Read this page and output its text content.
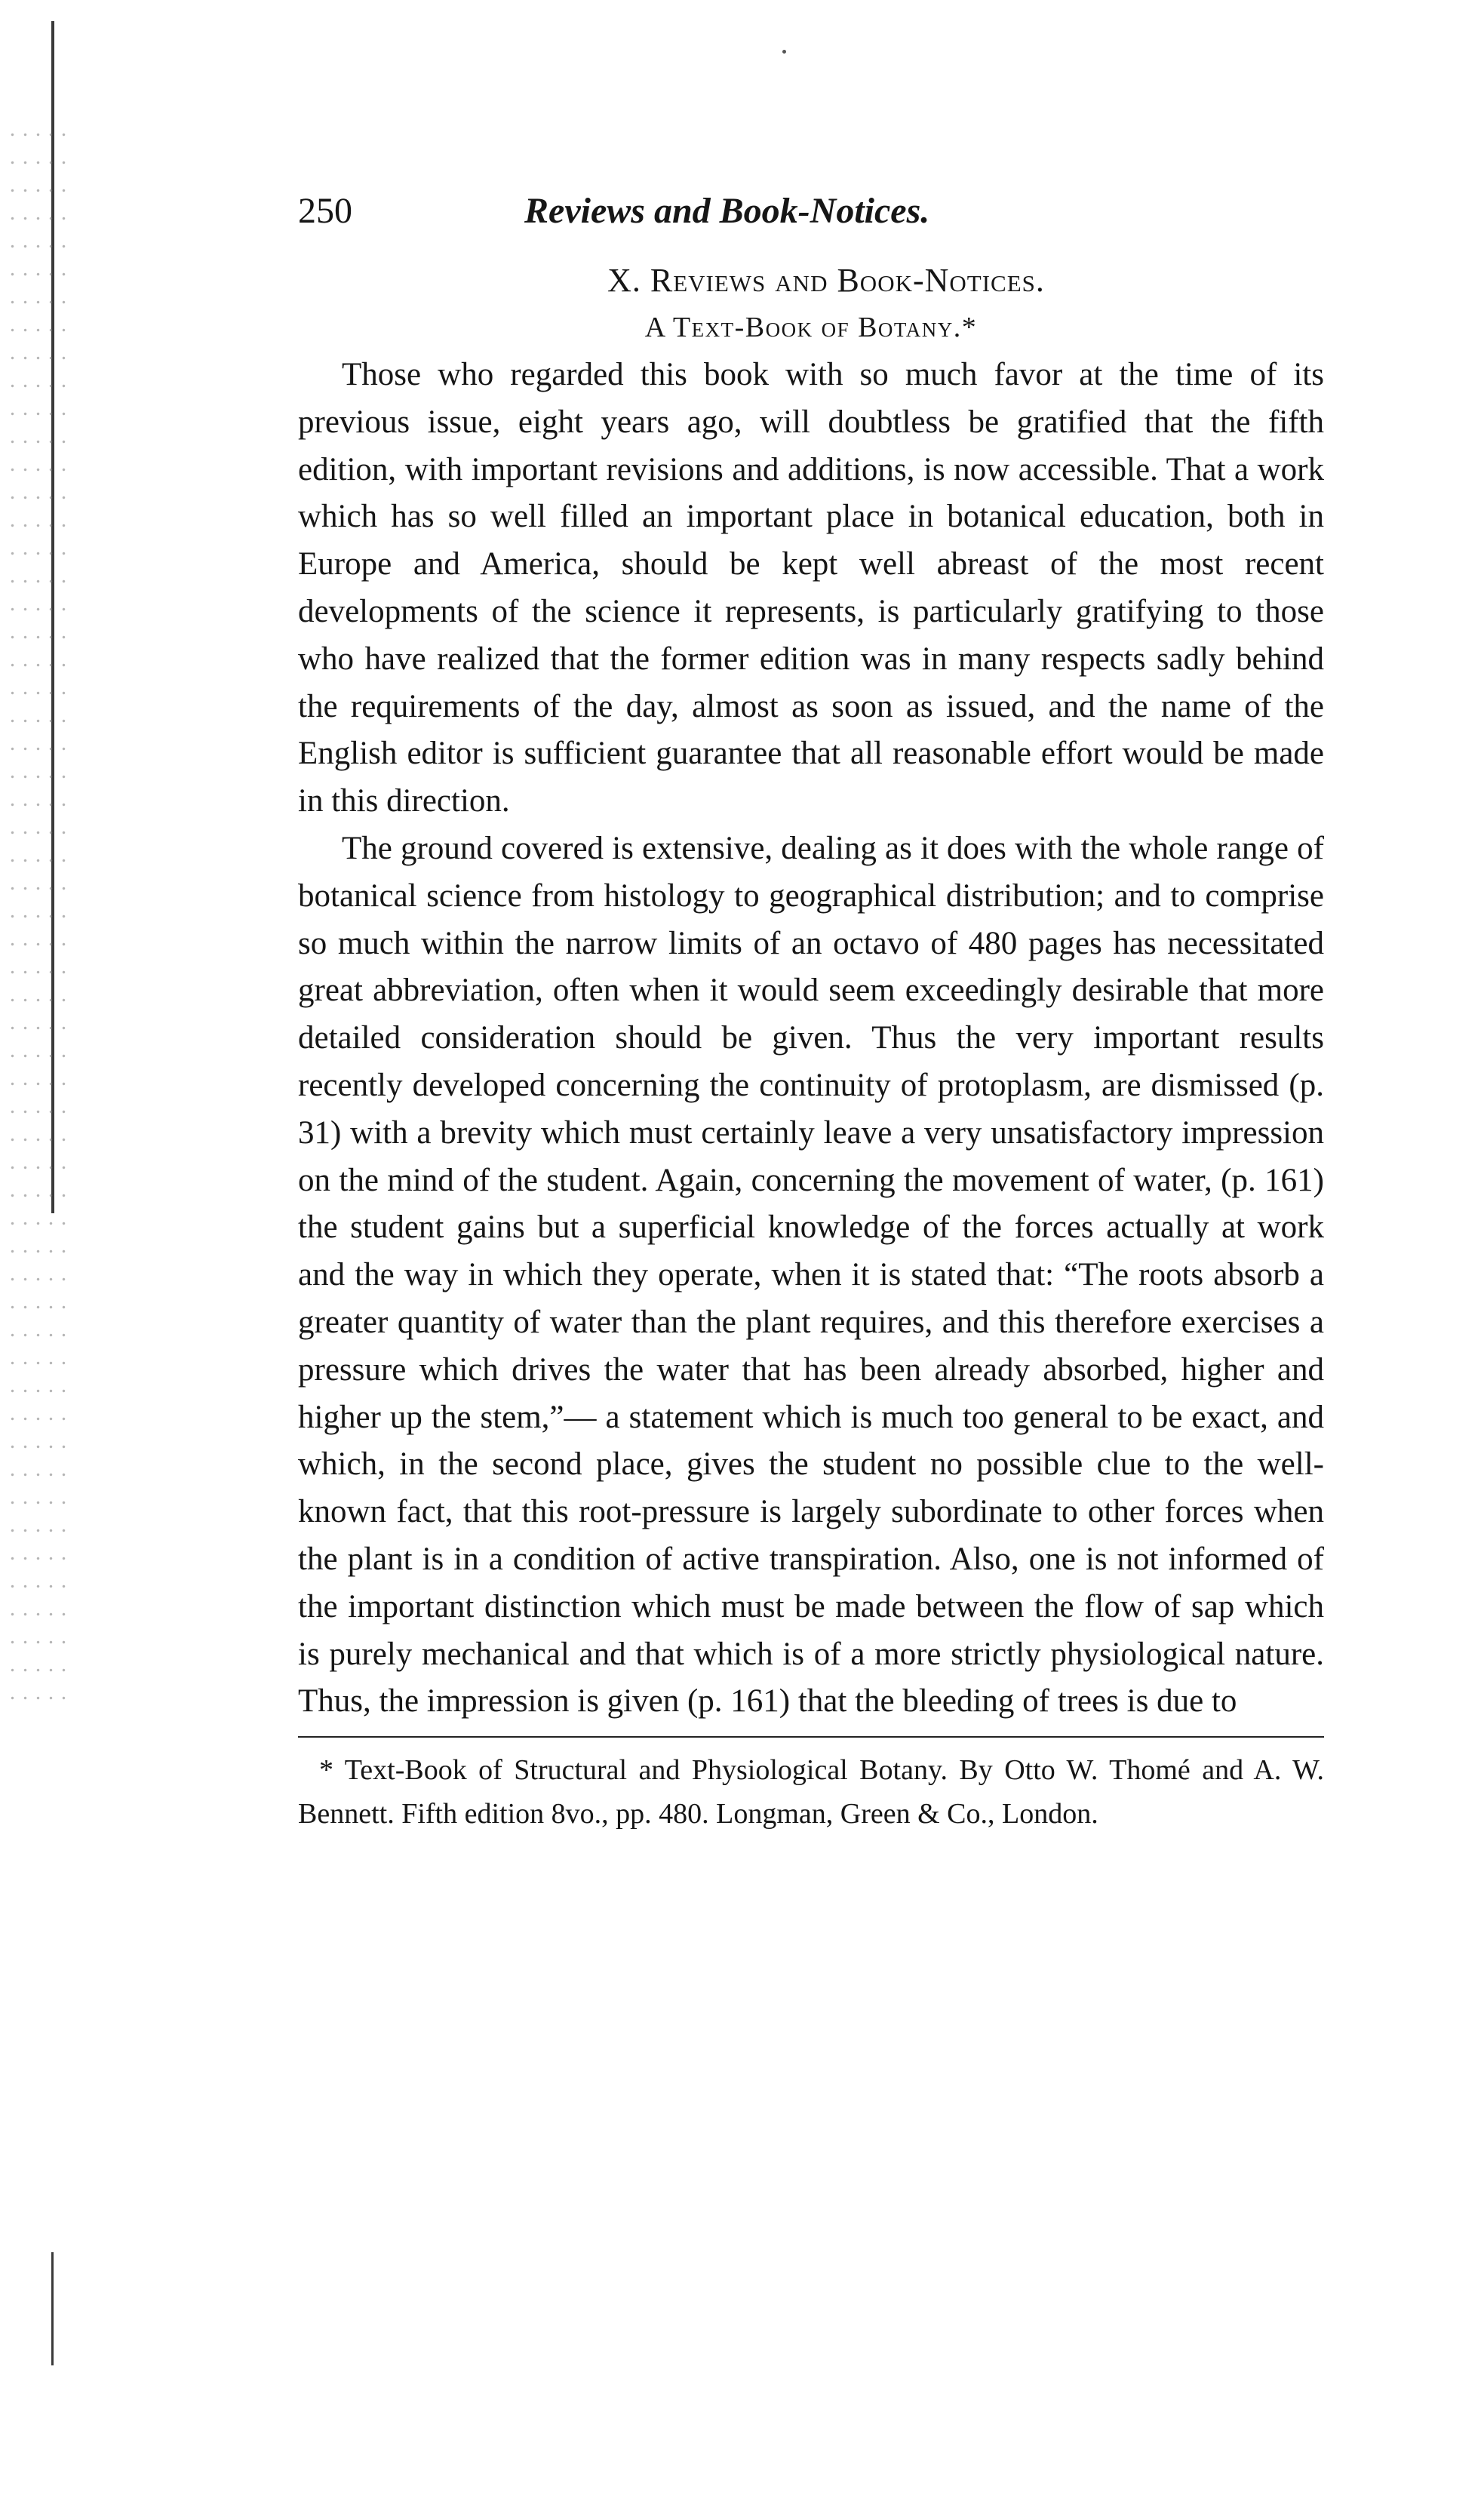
250	Reviews and Book-Notices.
X. Reviews and Book-Notices.
A Text-Book of Botany.*

Those who regarded this book with so much favor at the time of its previous issue, eight years ago, will doubtless be gratified that the fifth edition, with important revisions and additions, is now accessible. That a work which has so well filled an important place in botanical education, both in Europe and America, should be kept well abreast of the most recent developments of the science it represents, is particularly gratifying to those who have realized that the former edition was in many respects sadly behind the requirements of the day, almost as soon as issued, and the name of the English editor is sufficient guarantee that all reasonable effort would be made in this direction.

The ground covered is extensive, dealing as it does with the whole range of botanical science from histology to geographical distribution; and to comprise so much within the narrow limits of an octavo of 480 pages has necessitated great abbreviation, often when it would seem exceedingly desirable that more detailed consideration should be given. Thus the very important results recently developed concerning the continuity of protoplasm, are dismissed (p. 31) with a brevity which must certainly leave a very unsatisfactory impression on the mind of the student. Again, concerning the movement of water, (p. 161) the student gains but a superficial knowledge of the forces actually at work and the way in which they operate, when it is stated that: “The roots absorb a greater quantity of water than the plant requires, and this therefore exercises a pressure which drives the water that has been already absorbed, higher and higher up the stem,”— a statement which is much too general to be exact, and which, in the second place, gives the student no possible clue to the well-known fact, that this root-pressure is largely subordinate to other forces when the plant is in a condition of active transpiration. Also, one is not informed of the important distinction which must be made between the flow of sap which is purely mechanical and that which is of a more strictly physiological nature. Thus, the impression is given (p. 161) that the bleeding of trees is due to

* Text-Book of Structural and Physiological Botany. By Otto W. Thomé and A. W. Bennett. Fifth edition 8vo., pp. 480. Longman, Green & Co., London.
